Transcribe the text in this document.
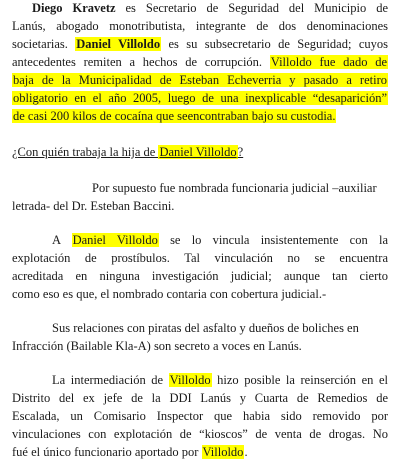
Diego Kravetz es Secretario de Seguridad del Municipio de
Lanús, abogado monotributista, integrante de dos denominaciones
societarias. Daniel Villoldo es su subsecretario de Seguridad; cuyos
antecedentes remiten a hechos de corrupción. Villoldo fue dado de
baja de la Municipalidad de Esteban Echeverria y pasado a retiro
obligatorio en el año 2005, luego de una inexplicable “desaparición”
de casi 200 kilos de cocaína que seencontraban bajo su custodia.
¿Con quién trabaja la hija de Daniel Villoldo?
Por supuesto fue nombrada funcionaria judicial –auxiliar
letrada- del Dr. Esteban Baccini.
A Daniel Villoldo se lo vincula insistentemente con la
explotación de prostíbulos. Tal vinculación no se encuentra
acreditada en ninguna investigación judicial; aunque tan cierto
como eso es que, el nombrado contaria con cobertura judicial.-
Sus relaciones con piratas del asfalto y dueños de boliches en
Infracción (Bailable Kla-A) son secreto a voces en Lanús.
La intermediación de Villoldo hizo posible la reinserción en el
Distrito del ex jefe de la DDI Lanús y Cuarta de Remedios de
Escalada, un Comisario Inspector que habia sido removido por
vinculaciones con explotación de “kioscos” de venta de drogas. No
fué el único funcionario aportado por Villoldo.
